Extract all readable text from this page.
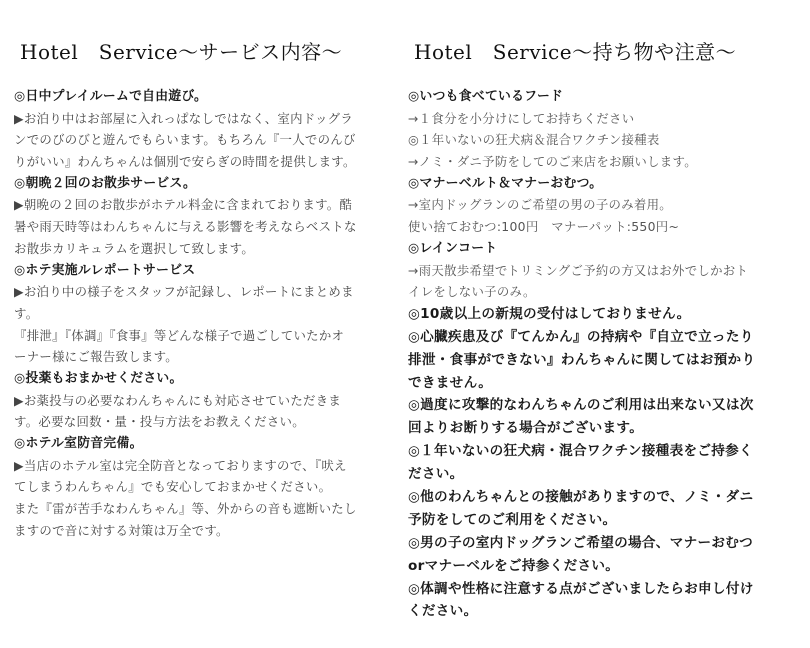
Hotel　Service～サービス内容～
◎日中プレイルームで自由遊び。
▶お泊り中はお部屋に入れっぱなしではなく、室内ドッグラ
ンでのびのびと遊んでもらいます。もちろん『一人でのんび
りがいい』わんちゃんは個別で安らぎの時間を提供します。
◎朝晩２回のお散歩サービス。
▶朝晩の２回のお散歩がホテル料金に含まれております。酷
暑や雨天時等はわんちゃんに与える影響を考えならベストな
お散歩カリキュラムを選択して致します。
◎ホテ実施ルレポートサービス
▶お泊り中の様子をスタッフが記録し、レポートにまとめま
す。
『排泄』『体調』『食事』等どんな様子で過ごしていたかオ
ーナー様にご報告致します。
◎投薬もおまかせください。
▶お薬投与の必要なわんちゃんにも対応させていただきま
す。必要な回数・量・投与方法をお教えください。
◎ホテル室防音完備。
▶当店のホテル室は完全防音となっておりますので、『吠え
てしまうわんちゃん』でも安心しておまかせください。
また『雷が苦手なわんちゃん』等、外からの音も遮断いたし
ますので音に対する対策は万全です。
Hotel　Service～持ち物や注意～
◎いつも食べているフード
→１食分を小分けにしてお持ちください
◎１年いないの狂犬病＆混合ワクチン接種表
→ノミ・ダニ予防をしてのご来店をお願いします。
◎マナーベルト＆マナーおむつ。
→室内ドッグランのご希望の男の子のみ着用。
使い捨ておむつ:100円　マナーパット:550円~
◎レインコート
→雨天散歩希望でトリミングご予約の方又はお外でしかおト
イレをしない子のみ。
◎10歳以上の新規の受付はしておりません。
◎心臓疾患及び『てんかん』の持病や『自立で立ったり
排泄・食事ができない』わんちゃんに関してはお預かり
できません。
◎過度に攻撃的なわんちゃんのご利用は出来ない又は次
回よりお断りする場合がございます。
◎１年いないの狂犬病・混合ワクチン接種表をご持参く
ださい。
◎他のわんちゃんとの接触がありますので、ノミ・ダニ
予防をしてのご利用をください。
◎男の子の室内ドッグランご希望の場合、マナーおむつ
orマナーベルをご持参ください。
◎体調や性格に注意する点がございましたらお申し付け
ください。
